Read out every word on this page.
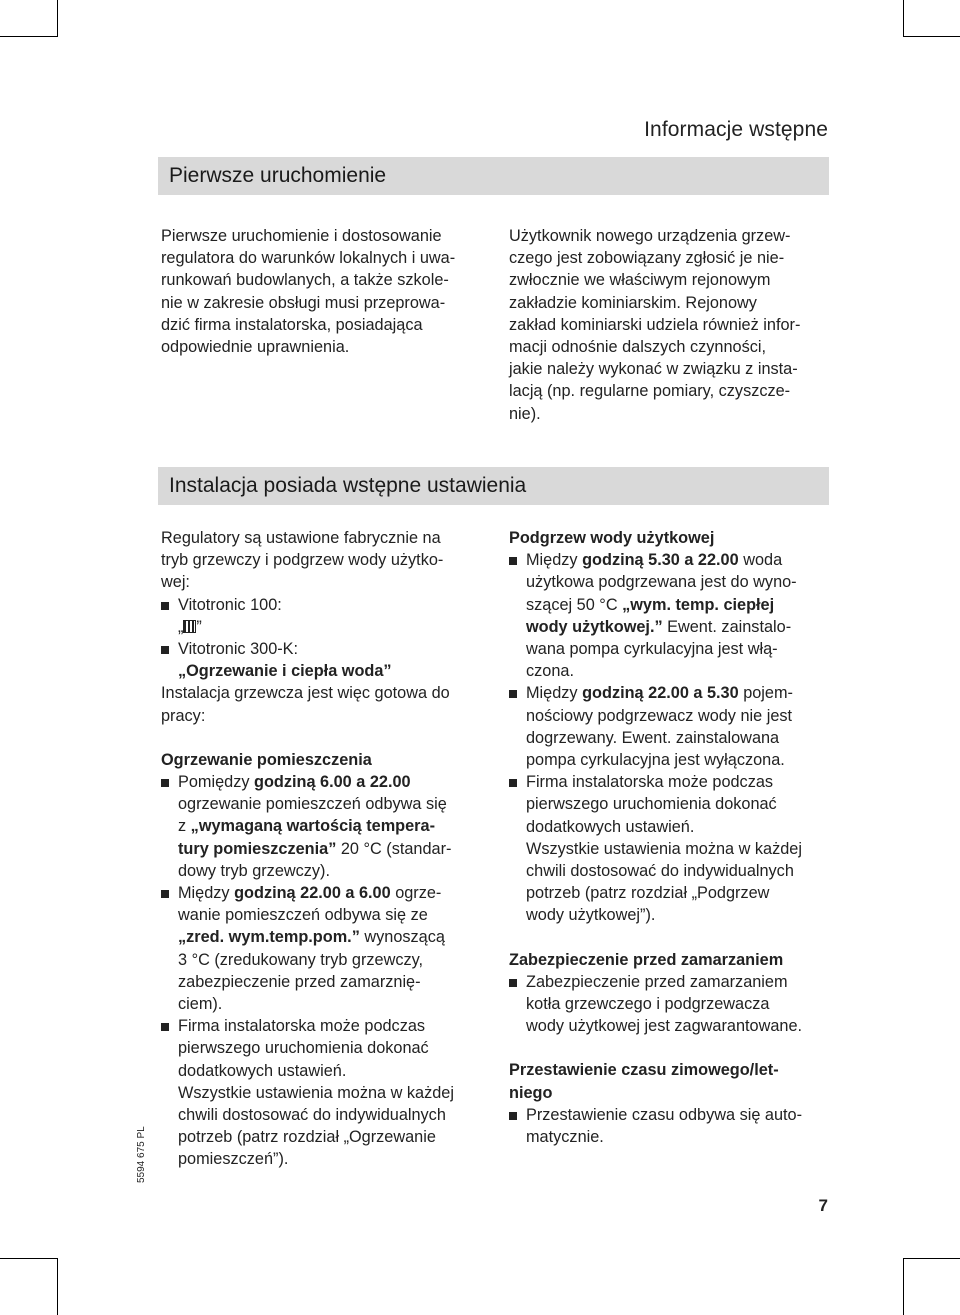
Informacje wstępne
Pierwsze uruchomienie

Pierwsze uruchomienie i dostosowanie

regulatora do warunków lokalnych i uwa-

runkowań budowlanych, a także szkole-

nie w zakresie obsługi musi przeprowa-

dzić firma instalatorska, posiadająca

odpowiednie uprawnienia.

Użytkownik nowego urządzenia grzew-

czego jest zobowiązany zgłosić je nie-

zwłocznie we właściwym rejonowym

zakładzie kominiarskim. Rejonowy

zakład kominiarski udziela również infor-

macji odnośnie dalszych czynności,

jakie należy wykonać w związku z insta-

lacją (np. regularne pomiary, czyszcze-

nie).

Instalacja posiada wstępne ustawienia

Regulatory są ustawione fabrycznie na

tryb grzewczy i podgrzew wody użytko-

wej:

Vitotronic 100:

„ ”

Vitotronic 300-K:

„Ogrzewanie i ciepła woda”

Instalacja grzewcza jest więc gotowa do

pracy:

Ogrzewanie pomieszczenia

Pomiędzy godziną 6.00 a 22.00

ogrzewanie pomieszczeń odbywa się

z „wymaganą wartością tempera-

tury pomieszczenia” 20 °C (standar-

dowy tryb grzewczy).

Między godziną 22.00 a 6.00 ogrze-

wanie pomieszczeń odbywa się ze

„zred. wym.temp.pom.” wynoszącą

3 °C (zredukowany tryb grzewczy,

zabezpieczenie przed zamarznię-

ciem).

Firma instalatorska może podczas

pierwszego uruchomienia dokonać

dodatkowych ustawień.

Wszystkie ustawienia można w każdej

chwili dostosować do indywidualnych

potrzeb (patrz rozdział „Ogrzewanie

pomieszczeń”).

Podgrzew wody użytkowej

Między godziną 5.30 a 22.00 woda

użytkowa podgrzewana jest do wyno-

szącej 50 °C „wym. temp. ciepłej

wody użytkowej.” Ewent. zainstalo-

wana pompa cyrkulacyjna jest włą-

czona.

Między godziną 22.00 a 5.30 pojem-

nościowy podgrzewacz wody nie jest

dogrzewany. Ewent. zainstalowana

pompa cyrkulacyjna jest wyłączona.

Firma instalatorska może podczas

pierwszego uruchomienia dokonać

dodatkowych ustawień.

Wszystkie ustawienia można w każdej

chwili dostosować do indywidualnych

potrzeb (patrz rozdział „Podgrzew

wody użytkowej”).

Zabezpieczenie przed zamarzaniem

Zabezpieczenie przed zamarzaniem

kotła grzewczego i podgrzewacza

wody użytkowej jest zagwarantowane.

Przestawienie czasu zimowego/let-

niego

Przestawienie czasu odbywa się auto-

matycznie.

5594 675 PL
7
